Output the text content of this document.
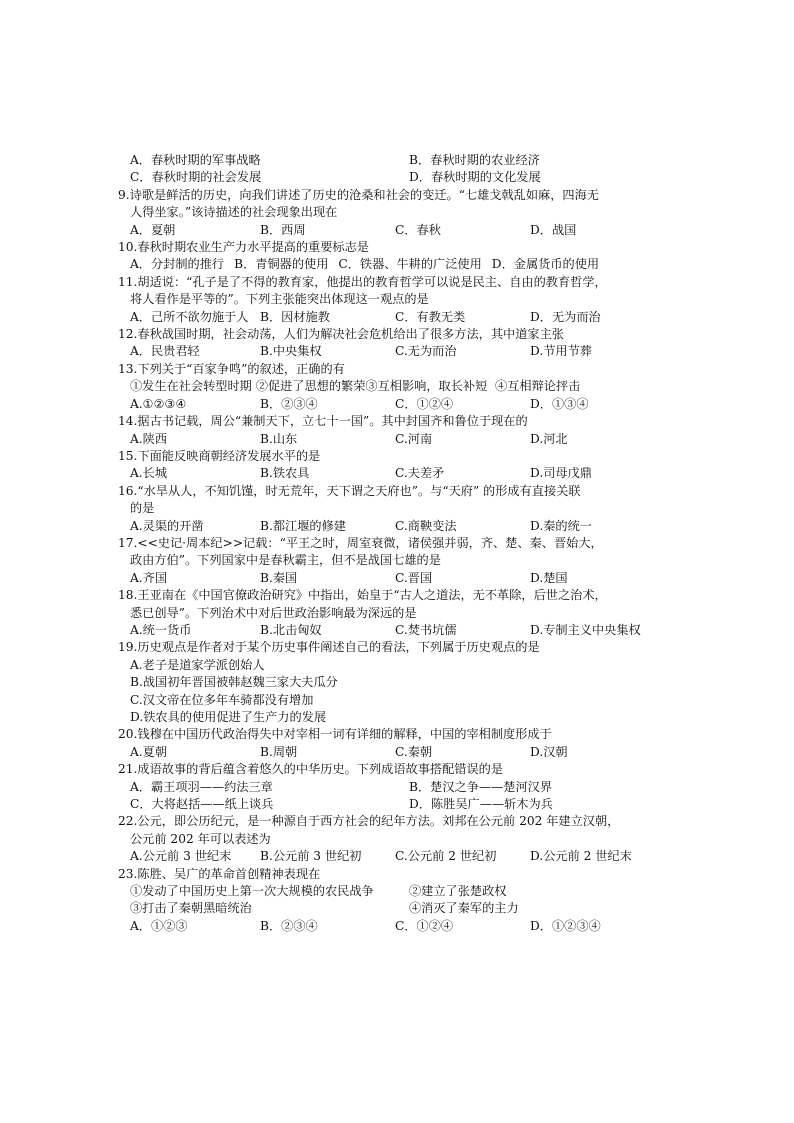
A．春秋时期的军事战略	B．春秋时期的农业经济
C．春秋时期的社会发展	D．春秋时期的文化发展

9.诗歌是鲜活的历史，向我们讲述了历史的沧桑和社会的变迁。“七雄戈戟乱如麻，四海无

人得坐家。”该诗描述的社会现象出现在

A．夏朝	B．西周	C．春秋	D．战国

10.春秋时期农业生产力水平提高的重要标志是

A．分封制的推行 B．青铜器的使用 C．铁器、牛耕的广泛使用 D．金属货币的使用

11.胡适说：“孔子是了不得的教育家，他提出的教育哲学可以说是民主、自由的教育哲学，

将人看作是平等的”。下列主张能突出体现这一观点的是

A．己所不欲勿施于人 B．因材施教	C．有教无类	D．无为而治

12.春秋战国时期，社会动荡，人们为解决社会危机给出了很多方法，其中道家主张

A．民贵君轻	B.中央集权	C.无为而治	D.节用节葬

13.下列关于“百家争鸣”的叙述，正确的有

①发生在社会转型时期 ②促进了思想的繁荣③互相影响，取长补短  ④互相辩论抨击

A.①②③④	B．②③④	C．①②④	D．①③④

14.据古书记载，周公“兼制天下，立七十一国”。其中封国齐和鲁位于现在的

A.陕西	B.山东	C.河南	D.河北

15.下面能反映商朝经济发展水平的是

A.长城	B.铁农具	C.夫差矛	D.司母戊鼎

16.“水旱从人，不知饥馑，时无荒年，天下谓之天府也”。与“天府” 的形成有直接关联

的是

A.灵渠的开凿	B.都江堰的修建	C.商鞅变法	D.秦的统一

17.<<史记·周本纪>>记载：“平王之时，周室衰微，诸侯强并弱，齐、楚、秦、晋始大，

政由方伯”。下列国家中是春秋霸主，但不是战国七雄的是

A.齐国	B.秦国	C.晋国	D.楚国

18.王亚南在《中国官僚政治研究》中指出，始皇于“古人之道法，无不革除，后世之治术，

悉已创导”。下列治术中对后世政治影响最为深远的是

A.统一货币	B.北击匈奴	C.焚书坑儒	D.专制主义中央集权

19.历史观点是作者对于某个历史事件阐述自己的看法，下列属于历史观点的是

A.老子是道家学派创始人

B.战国初年晋国被韩赵魏三家大夫瓜分

C.汉文帝在位多年车骑都没有增加

D.铁农具的使用促进了生产力的发展

20.钱穆在中国历代政治得失中对宰相一词有详细的解释，中国的宰相制度形成于

A.夏朝	B.周朝	C.秦朝	D.汉朝

21.成语故事的背后蕴含着悠久的中华历史。下列成语故事搭配错误的是

A．霸王项羽——约法三章	B．楚汉之争——楚河汉界
C．大将赵括——纸上谈兵	D．陈胜吴广——斩木为兵

22.公元，即公历纪元，是一种源自于西方社会的纪年方法。刘邦在公元前 202 年建立汉朝，

公元前 202 年可以表述为

A.公元前 3 世纪末	B.公元前 3 世纪初	C.公元前 2 世纪初	D.公元前 2 世纪末

23.陈胜、吴广的革命首创精神表现在

①发动了中国历史上第一次大规模的农民战争	②建立了张楚政权
③打击了秦朝黑暗统治	④消灭了秦军的主力
A．①②③	B．②③④	C．①②④	D．①②③④
